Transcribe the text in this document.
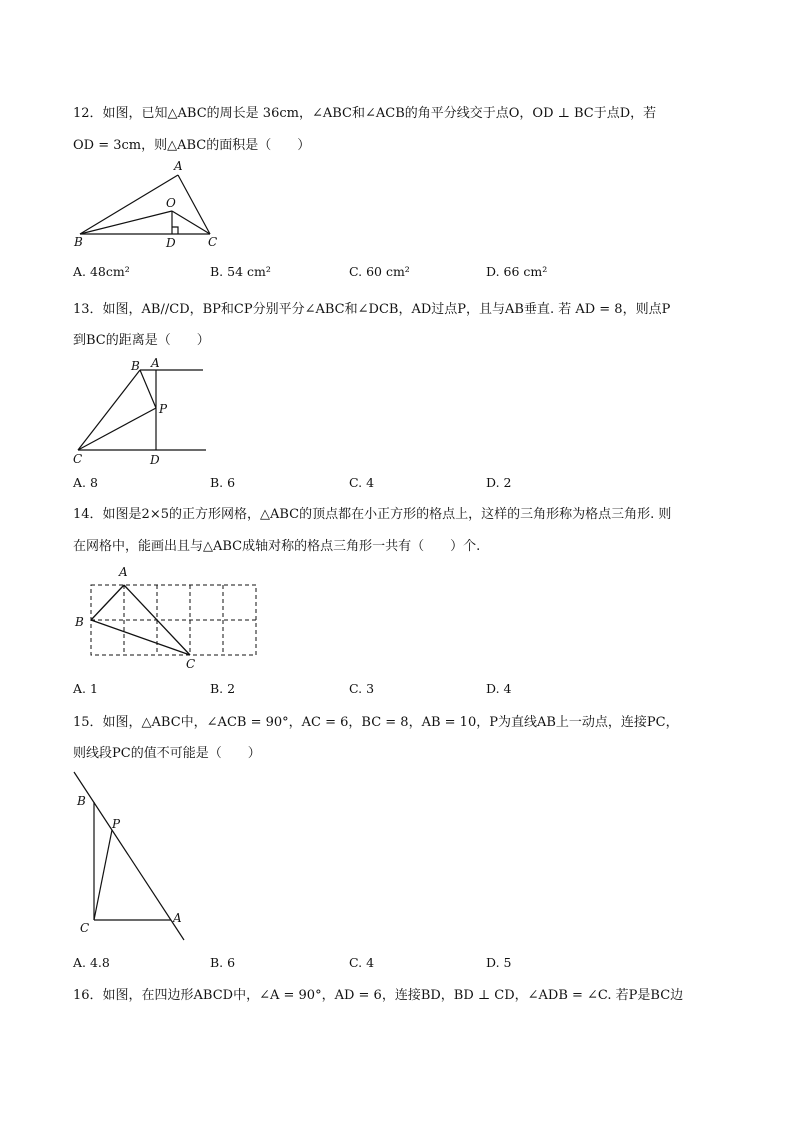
12．如图，已知△ABC的周长是 36cm，∠ABC和∠ACB的角平分线交于点O，OD ⊥ BC于点D，若
OD = 3cm，则△ABC的面积是（　　）
A
B	C
D
O
A. 48cm²	B. 54 cm²	C. 60 cm²	D. 66 cm²
13．如图，AB//CD，BP和CP分别平分∠ABC和∠DCB，AD过点P，且与AB垂直. 若 AD = 8，则点P
到BC的距离是（　　）
B A
P
C	D
A. 8	B. 6	C. 4	D. 2
14．如图是2×5的正方形网格，△ABC的顶点都在小正方形的格点上，这样的三角形称为格点三角形. 则
在网格中，能画出且与△ABC成轴对称的格点三角形一共有（　　）个.
A
B
C
A. 1	B. 2	C. 3	D. 4
15．如图，△ABC中，∠ACB = 90°，AC = 6，BC = 8，AB = 10，P为直线AB上一动点，连接PC，
则线段PC的值不可能是（　　）
B
P
C
A
A. 4.8	B. 6	C. 4	D. 5
16．如图，在四边形ABCD中，∠A = 90°，AD = 6，连接BD，BD ⊥ CD，∠ADB = ∠C. 若P是BC边
